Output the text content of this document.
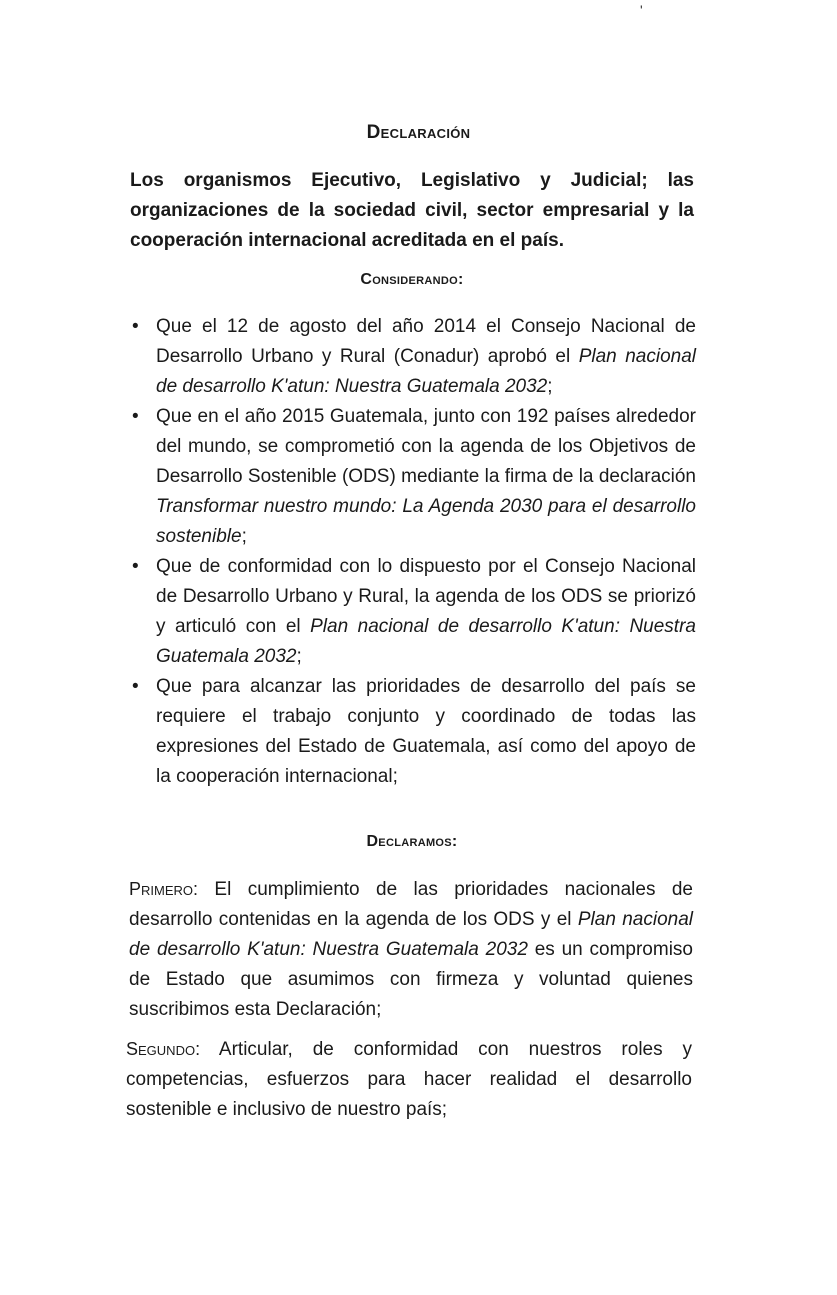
'
Declaración

Los organismos Ejecutivo, Legislativo y Judicial; las organizaciones de la sociedad civil, sector empresarial y la cooperación internacional acreditada en el país.

Considerando:
• Que el 12 de agosto del año 2014 el Consejo Nacional de Desarrollo Urbano y Rural (Conadur) aprobó el Plan nacional de desarrollo K'atun: Nuestra Guatemala 2032;
• Que en el año 2015 Guatemala, junto con 192 países alrededor del mundo, se comprometió con la agenda de los Objetivos de Desarrollo Sostenible (ODS) mediante la firma de la declaración Transformar nuestro mundo: La Agenda 2030 para el desarrollo sostenible;
• Que de conformidad con lo dispuesto por el Consejo Nacional de Desarrollo Urbano y Rural, la agenda de los ODS se priorizó y articuló con el Plan nacional de desarrollo K'atun: Nuestra Guatemala 2032;
• Que para alcanzar las prioridades de desarrollo del país se requiere el trabajo conjunto y coordinado de todas las expresiones del Estado de Guatemala, así como del apoyo de la cooperación internacional;
Declaramos:

Primero: El cumplimiento de las prioridades nacionales de desarrollo contenidas en la agenda de los ODS y el Plan nacional de desarrollo K'atun: Nuestra Guatemala 2032 es un compromiso de Estado que asumimos con firmeza y voluntad quienes suscribimos esta Declaración;

Segundo: Articular, de conformidad con nuestros roles y competencias, esfuerzos para hacer realidad el desarrollo sostenible e inclusivo de nuestro país;
